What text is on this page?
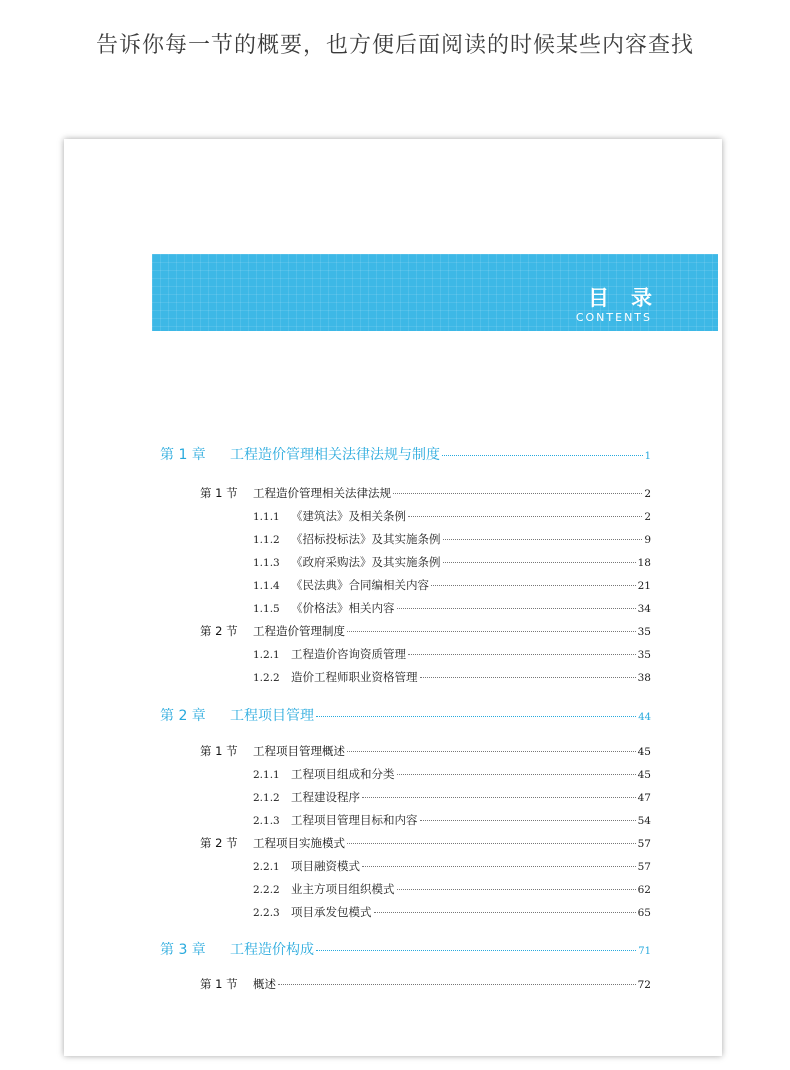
告诉你每一节的概要，也方便后面阅读的时候某些内容查找
目录
CONTENTS
第 1 章	工程造价管理相关法律法规与制度	1
第 1 节	工程造价管理相关法律法规	2
1.1.1 《建筑法》及相关条例	2
1.1.2 《招标投标法》及其实施条例	9
1.1.3 《政府采购法》及其实施条例	18
1.1.4 《民法典》合同编相关内容	21
1.1.5 《价格法》相关内容	34
第 2 节	工程造价管理制度	35
1.2.1 工程造价咨询资质管理	35
1.2.2 造价工程师职业资格管理	38
第 2 章	工程项目管理	44
第 1 节	工程项目管理概述	45
2.1.1 工程项目组成和分类	45
2.1.2 工程建设程序	47
2.1.3 工程项目管理目标和内容	54
第 2 节	工程项目实施模式	57
2.2.1 项目融资模式	57
2.2.2 业主方项目组织模式	62
2.2.3 项目承发包模式	65
第 3 章	工程造价构成	71
第 1 节	概述	72
